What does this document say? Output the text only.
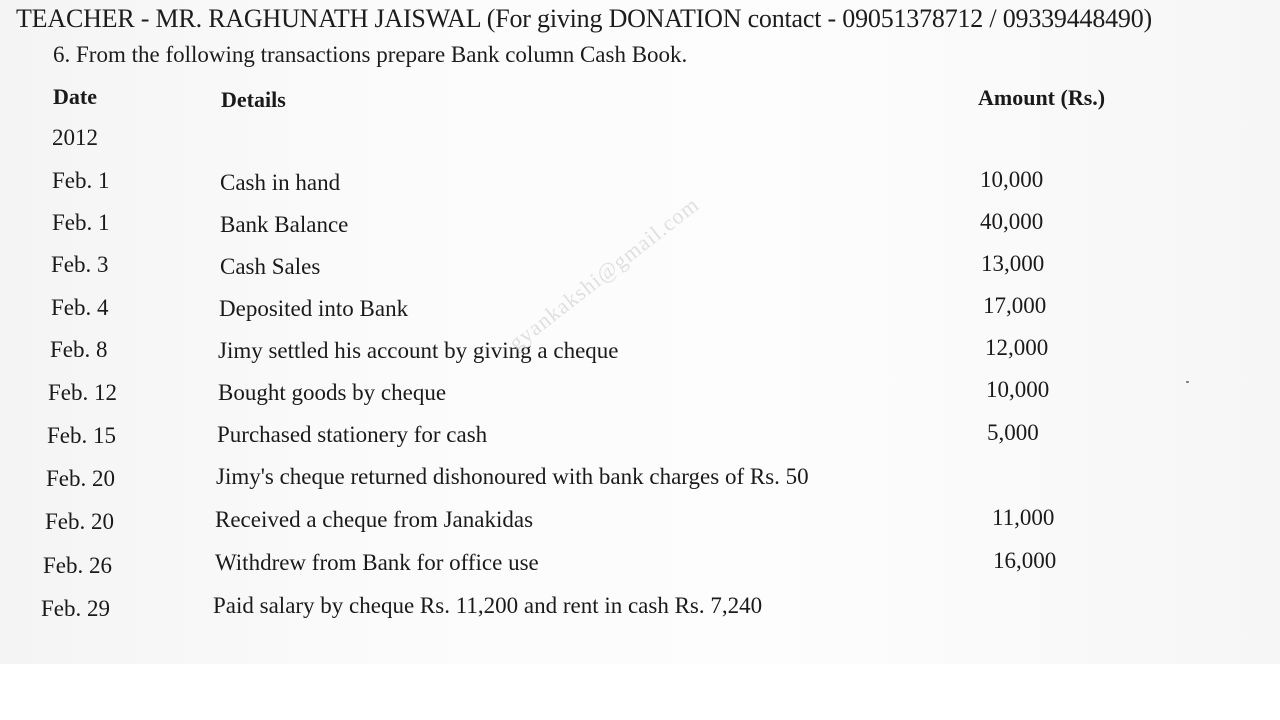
TEACHER - MR. RAGHUNATH JAISWAL (For giving DONATION contact - 09051378712 / 09339448490)
6. From the following transactions prepare Bank column Cash Book.
Date	Details	Amount (Rs.)
2012
Feb. 1	Cash in hand	10,000
Feb. 1	Bank Balance	40,000
Feb. 3	Cash Sales	13,000
Feb. 4	Deposited into Bank	17,000
Feb. 8	Jimy settled his account by giving a cheque	12,000
Feb. 12	Bought goods by cheque	10,000
Feb. 15	Purchased stationery for cash	5,000
Feb. 20	Jimy's cheque returned dishonoured with bank charges of Rs. 50
Feb. 20	Received a cheque from Janakidas	11,000
Feb. 26	Withdrew from Bank for office use	16,000
Feb. 29	Paid salary by cheque Rs. 11,200 and rent in cash Rs. 7,240
gyankakshi@gmail.com
